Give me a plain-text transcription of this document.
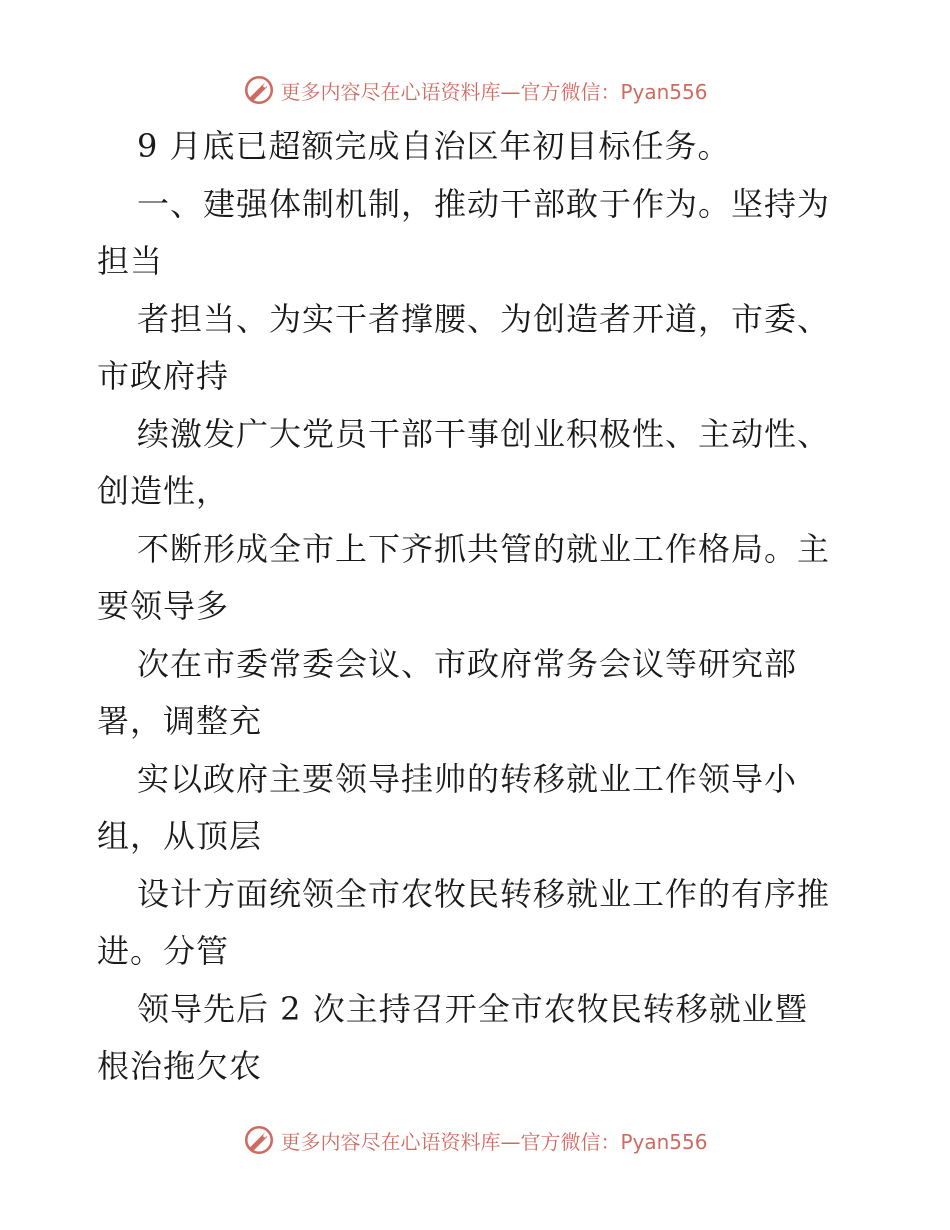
更多内容尽在心语资料库—官方微信：Pyan556
9 月底已超额完成自治区年初目标任务。
一、建强体制机制，推动干部敢于作为。坚持为
担当
者担当、为实干者撑腰、为创造者开道，市委、
市政府持
续激发广大党员干部干事创业积极性、主动性、
创造性，
不断形成全市上下齐抓共管的就业工作格局。主
要领导多
次在市委常委会议、市政府常务会议等研究部
署，调整充
实以政府主要领导挂帅的转移就业工作领导小
组，从顶层
设计方面统领全市农牧民转移就业工作的有序推
进。分管
领导先后 2 次主持召开全市农牧民转移就业暨
根治拖欠农
更多内容尽在心语资料库—官方微信：Pyan556
